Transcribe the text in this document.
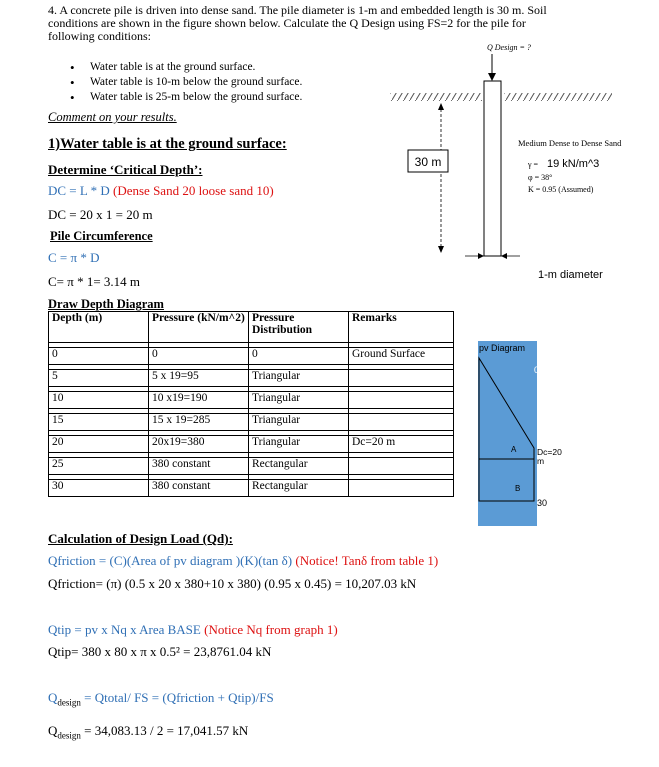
4. A concrete pile is driven into dense sand. The pile diameter is 1-m and embedded length is 30 m. Soil conditions are shown in the figure shown below. Calculate the Q Design using FS=2 for the pile for following conditions:
• Water table is at the ground surface.
• Water table is 10-m below the ground surface.
• Water table is 25-m below the ground surface.
Comment on your results.
1)Water table is at the ground surface:
Determine ‘Critical Depth’:
DC = L * D (Dense Sand 20 loose sand 10)
DC = 20 x 1 = 20 m
Pile Circumference
C = π * D
C= π * 1= 3.14 m
Draw Depth Diagram
Depth (m)	Pressure (kN/m^2)	Pressure Distribution	Remarks

0	0	0	Ground Surface

5	5 x 19=95	Triangular	

10	10 x19=190	Triangular	

15	15 x 19=285	Triangular	

20	20x19=380	Triangular	Dc=20 m

25	380 constant	Rectangular	

30	380 constant	Rectangular	
Calculation of Design Load (Qd):
Qfriction = (C)(Area of pv diagram )(K)(tan δ) (Notice! Tanδ from table 1)
Qfriction= (π) (0.5 x 20 x 380+10 x 380) (0.95 x 0.45) = 10,207.03 kN
Qtip = pv x Nq x Area BASE (Notice Nq from graph 1)
Qtip= 380 x 80 x π x 0.5² = 23,8761.04 kN
$Q_{design}$ = Qtotal/ FS = (Qfriction + Qtip)/FS
$Q_{design} = 34,083.13 / 2 = 17,041.57$ kN
30 m
Q Design = ?
Medium Dense to Dense Sand
γ = 19 kN/m^3
φ = 38°
K = 0.95 (Assumed)
1-m diameter
pv Diagram
0
A
B
Dc=20 m
30
